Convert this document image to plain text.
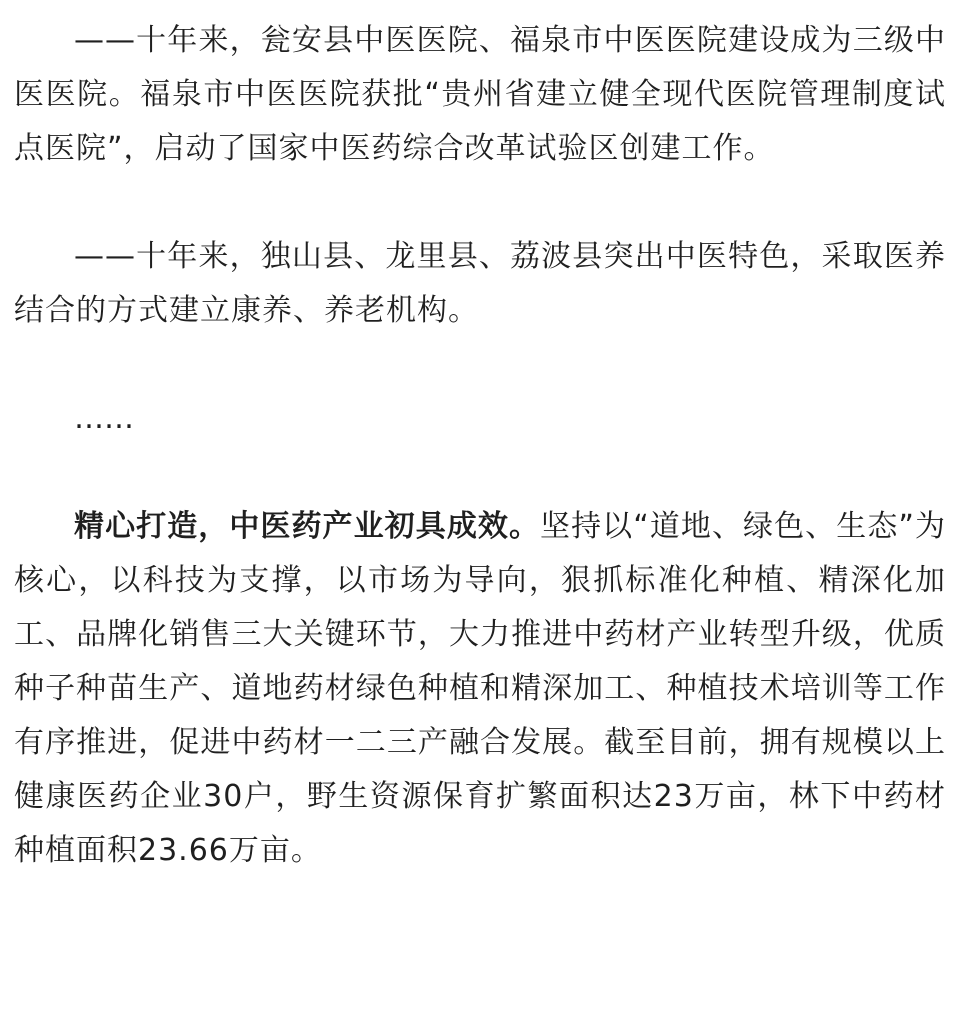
——十年来，瓮安县中医医院、福泉市中医医院建设成为三级中医医院。福泉市中医医院获批“贵州省建立健全现代医院管理制度试点医院”，启动了国家中医药综合改革试验区创建工作。

——十年来，独山县、龙里县、荔波县突出中医特色，采取医养结合的方式建立康养、养老机构。

……

精心打造，中医药产业初具成效。坚持以“道地、绿色、生态”为核心，以科技为支撑，以市场为导向，狠抓标准化种植、精深化加工、品牌化销售三大关键环节，大力推进中药材产业转型升级，优质种子种苗生产、道地药材绿色种植和精深加工、种植技术培训等工作有序推进，促进中药材一二三产融合发展。截至目前，拥有规模以上健康医药企业30户，野生资源保育扩繁面积达23万亩，林下中药材种植面积23.66万亩。
